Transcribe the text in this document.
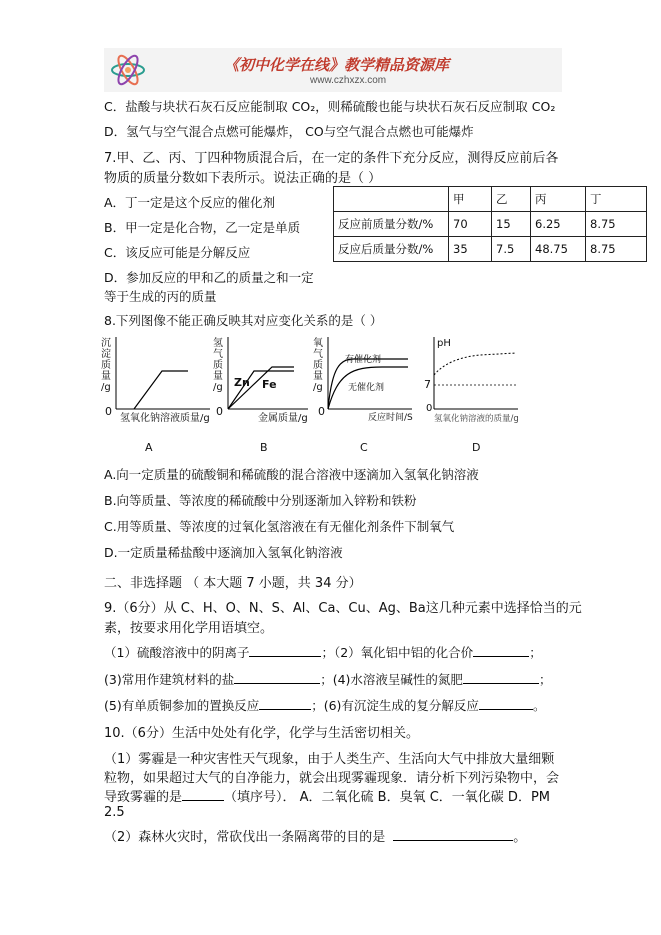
《初中化学在线》教学精品资源库
www.czhxzx.com
C．盐酸与块状石灰石反应能制取 CO₂，则稀硫酸也能与块状石灰石反应制取 CO₂
D．氢气与空气混合点燃可能爆炸， CO与空气混合点燃也可能爆炸
7.甲、乙、丙、丁四种物质混合后，在一定的条件下充分反应，测得反应前后各
物质的质量分数如下表所示。说法正确的是（ ）
A．丁一定是这个反应的催化剂
B．甲一定是化合物，乙一定是单质
C．该反应可能是分解反应
D．参加反应的甲和乙的质量之和一定
等于生成的丙的质量
	甲	乙	丙	丁
反应前质量分数/%	70	15	6.25	8.75
反应后质量分数/%	35	7.5	48.75	8.75
8.下列图像不能正确反映其对应变化关系的是（ ）
沉
淀
质
量
/g
0
氢氧化钠溶液质量/g
A
氢
气
质
量
/g Zn Fe
0
金属质量/g
B
氧
气
质
量
/g
有催化剂
无催化剂
0	反应时间/S
C
pH
7
0
氢氧化钠溶液的质量/g
D
A.向一定质量的硫酸铜和稀硫酸的混合溶液中逐滴加入氢氧化钠溶液
B.向等质量、等浓度的稀硫酸中分别逐渐加入锌粉和铁粉
C.用等质量、等浓度的过氧化氢溶液在有无催化剂条件下制氧气
D.一定质量稀盐酸中逐滴加入氢氧化钠溶液
二、非选择题 （ 本大题 7 小题，共 34 分）
9.（6分）从 C、H、O、N、S、Al、Ca、Cu、Ag、Ba这几种元素中选择恰当的元
素，按要求用化学用语填空。
（1）硫酸溶液中的阴离子	；（2）氧化铝中铝的化合价	；
(3)常用作建筑材料的盐	；(4)水溶液呈碱性的氮肥	；
(5)有单质铜参加的置换反应	；(6)有沉淀生成的复分解反应	。
10.（6分）生活中处处有化学，化学与生活密切相关。
（1）雾霾是一种灾害性天气现象，由于人类生产、生活向大气中排放大量细颗
粒物，如果超过大气的自净能力，就会出现雾霾现象．请分析下列污染物中，会
导致雾霾的是	（填序号）． A．二氧化硫 B．臭氧 C．一氧化碳 D．PM
2.5
（2）森林火灾时，常砍伐出一条隔离带的目的是	。
